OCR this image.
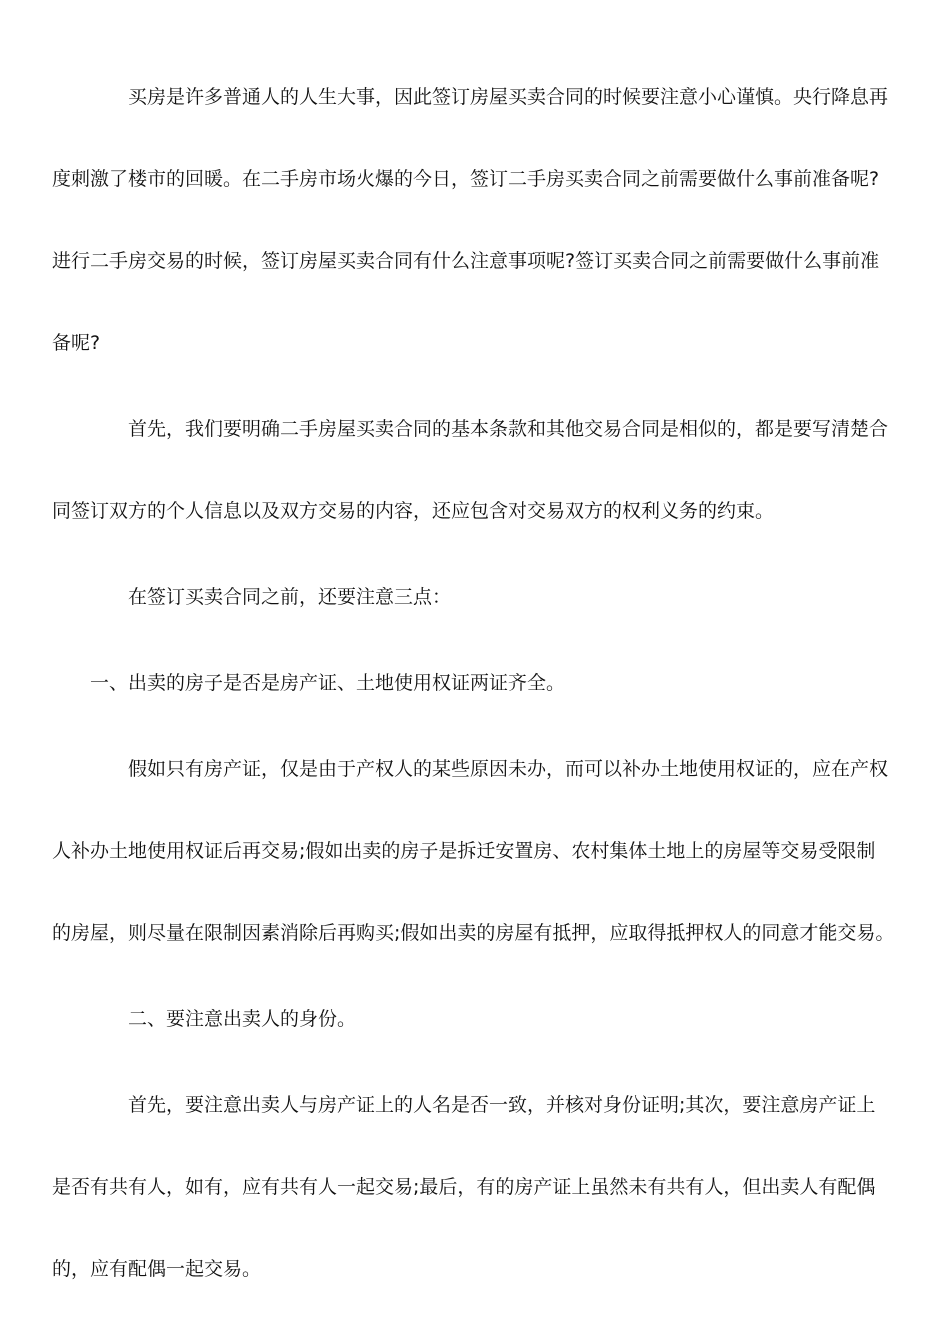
买房是许多普通人的人生大事，因此签订房屋买卖合同的时候要注意小心谨慎。央行降息再
度刺激了楼市的回暖。在二手房市场火爆的今日，签订二手房买卖合同之前需要做什么事前准备呢?
进行二手房交易的时候，签订房屋买卖合同有什么注意事项呢?签订买卖合同之前需要做什么事前准
备呢?
首先，我们要明确二手房屋买卖合同的基本条款和其他交易合同是相似的，都是要写清楚合
同签订双方的个人信息以及双方交易的内容，还应包含对交易双方的权利义务的约束。
在签订买卖合同之前，还要注意三点：
一、出卖的房子是否是房产证、土地使用权证两证齐全。
假如只有房产证，仅是由于产权人的某些原因未办，而可以补办土地使用权证的，应在产权
人补办土地使用权证后再交易;假如出卖的房子是拆迁安置房、农村集体土地上的房屋等交易受限制
的房屋，则尽量在限制因素消除后再购买;假如出卖的房屋有抵押，应取得抵押权人的同意才能交易。
二、要注意出卖人的身份。
首先，要注意出卖人与房产证上的人名是否一致，并核对身份证明;其次，要注意房产证上
是否有共有人，如有，应有共有人一起交易;最后，有的房产证上虽然未有共有人，但出卖人有配偶
的，应有配偶一起交易。
